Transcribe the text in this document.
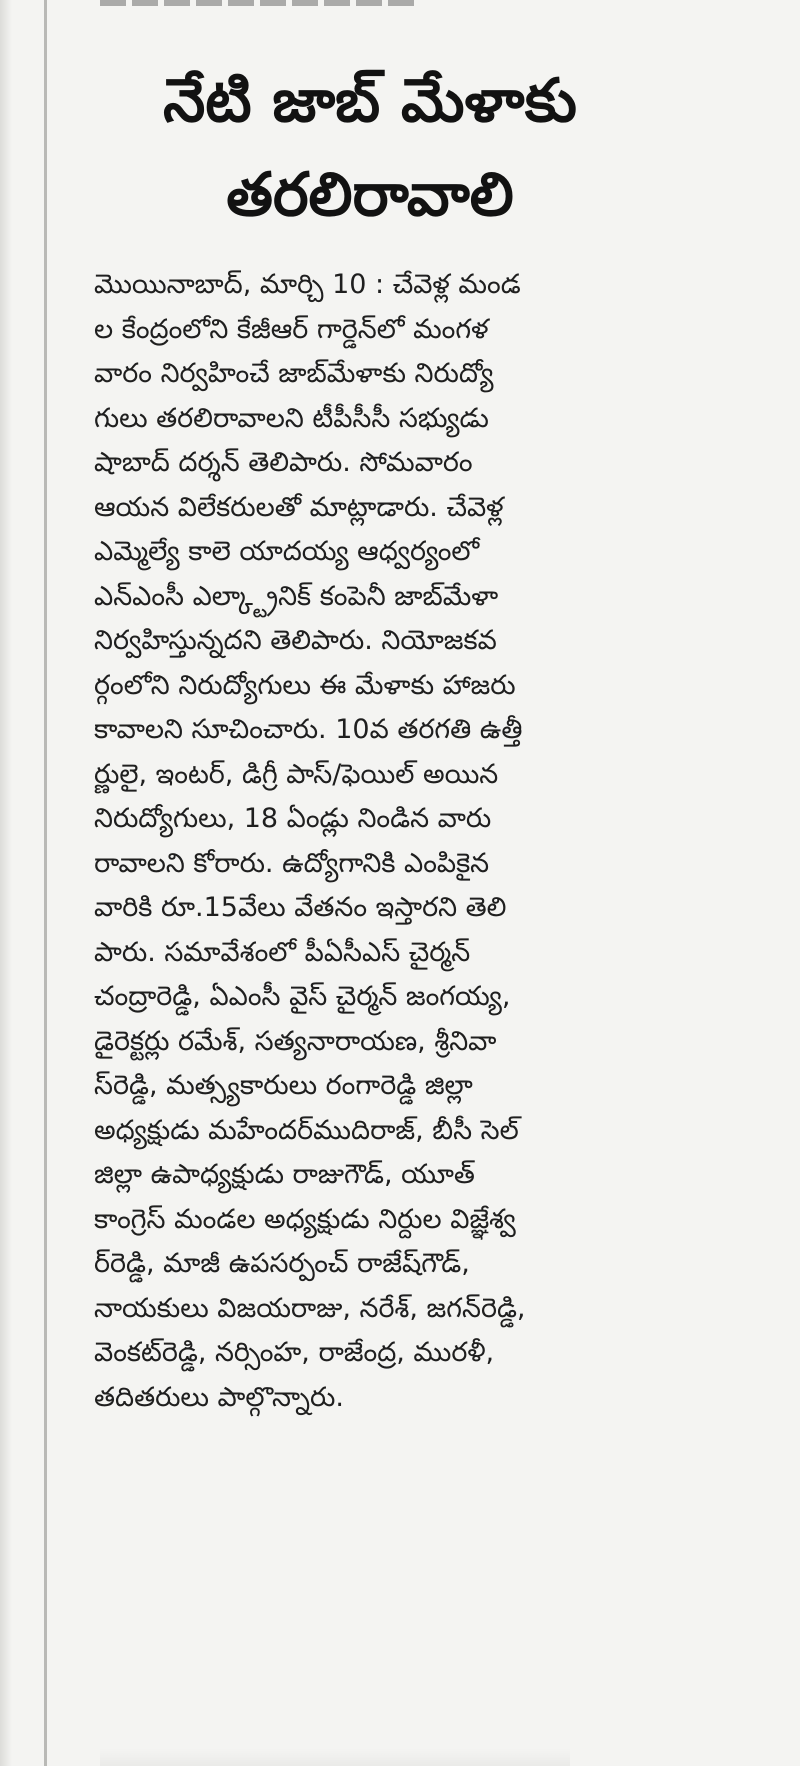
నేటి జాబ్ మేళాకు
తరలిరావాలి
మొయినాబాద్, మార్చి 10 : చేవెళ్ల మండ
ల కేంద్రంలోని కేజీఆర్ గార్డెన్‌లో మంగళ
వారం నిర్వహించే జాబ్‌మేళాకు నిరుద్యో
గులు తరలిరావాలని టీపీసీసీ సభ్యుడు
షాబాద్ దర్శన్ తెలిపారు. సోమవారం
ఆయన విలేకరులతో మాట్లాడారు. చేవెళ్ల
ఎమ్మెల్యే కాలె యాదయ్య ఆధ్వర్యంలో
ఎన్ఎంసీ ఎల్క్ట్రానిక్ కంపెనీ జాబ్‌మేళా
నిర్వహిస్తున్నదని తెలిపారు. నియోజకవ
ర్గంలోని నిరుద్యోగులు ఈ మేళాకు హాజరు
కావాలని సూచించారు. 10వ తరగతి ఉత్తీ
ర్ణులై, ఇంటర్, డిగ్రీ పాస్/ఫెయిల్ అయిన
నిరుద్యోగులు, 18 ఏండ్లు నిండిన వారు
రావాలని కోరారు. ఉద్యోగానికి ఎంపికైన
వారికి రూ.15వేలు వేతనం ఇస్తారని తెలి
పారు. సమావేశంలో పీఏసీఎస్ చైర్మన్
చంద్రారెడ్డి, ఏఎంసీ వైస్ చైర్మన్ జంగయ్య,
డైరెక్టర్లు రమేశ్, సత్యనారాయణ, శ్రీనివా
స్‌రెడ్డి, మత్స్యకారులు రంగారెడ్డి జిల్లా
అధ్యక్షుడు మహేందర్‌ముదిరాజ్, బీసీ సెల్
జిల్లా ఉపాధ్యక్షుడు రాజుగౌడ్, యూత్
కాంగ్రెస్ మండల అధ్యక్షుడు నిర్దుల విజ్ఞేశ్వ
ర్‌రెడ్డి, మాజీ ఉపసర్పంచ్ రాజేష్‌గౌడ్,
నాయకులు విజయరాజు, నరేశ్, జగన్‌రెడ్డి,
వెంకట్‌రెడ్డి, నర్సింహ, రాజేంద్ర, మురళీ,
తదితరులు పాల్గొన్నారు.
